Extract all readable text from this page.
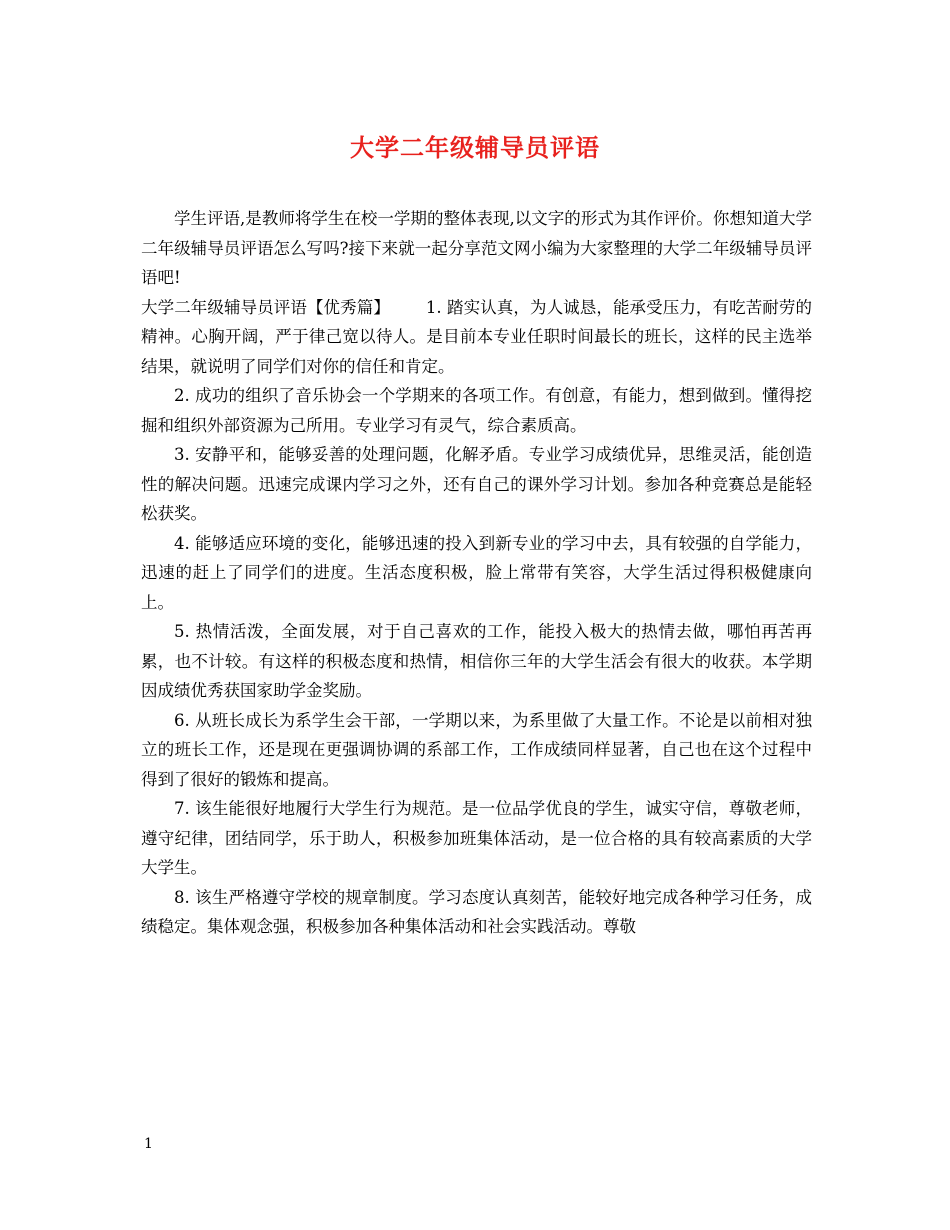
大学二年级辅导员评语

学生评语,是教师将学生在校一学期的整体表现,以文字的形式为其作评价。你想知道大学二年级辅导员评语怎么写吗?接下来就一起分享范文网小编为大家整理的大学二年级辅导员评语吧!

大学二年级辅导员评语【优秀篇】 1. 踏实认真，为人诚恳，能承受压力，有吃苦耐劳的精神。心胸开阔，严于律己宽以待人。是目前本专业任职时间最长的班长，这样的民主选举结果，就说明了同学们对你的信任和肯定。

2. 成功的组织了音乐协会一个学期来的各项工作。有创意，有能力，想到做到。懂得挖掘和组织外部资源为己所用。专业学习有灵气，综合素质高。

3. 安静平和，能够妥善的处理问题，化解矛盾。专业学习成绩优异，思维灵活，能创造性的解决问题。迅速完成课内学习之外，还有自己的课外学习计划。参加各种竞赛总是能轻松获奖。

4. 能够适应环境的变化，能够迅速的投入到新专业的学习中去，具有较强的自学能力，迅速的赶上了同学们的进度。生活态度积极，脸上常带有笑容，大学生活过得积极健康向上。

5. 热情活泼，全面发展，对于自己喜欢的工作，能投入极大的热情去做，哪怕再苦再累，也不计较。有这样的积极态度和热情，相信你三年的大学生活会有很大的收获。本学期因成绩优秀获国家助学金奖励。

6. 从班长成长为系学生会干部，一学期以来，为系里做了大量工作。不论是以前相对独立的班长工作，还是现在更强调协调的系部工作，工作成绩同样显著，自己也在这个过程中得到了很好的锻炼和提高。

7. 该生能很好地履行大学生行为规范。是一位品学优良的学生，诚实守信，尊敬老师，遵守纪律，团结同学，乐于助人，积极参加班集体活动，是一位合格的具有较高素质的大学大学生。

8. 该生严格遵守学校的规章制度。学习态度认真刻苦，能较好地完成各种学习任务，成绩稳定。集体观念强，积极参加各种集体活动和社会实践活动。尊敬

1
